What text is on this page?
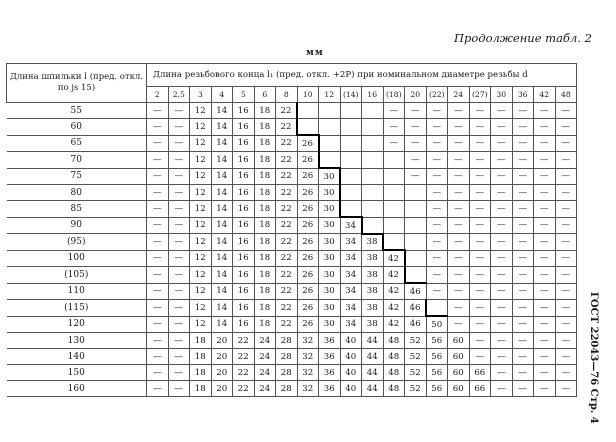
Продолжение табл. 2
мм
Длина шпильки l (пред. откл. по js 15)	Длина резьбового конца l₁ (пред. откл. +2P) при номинальном диаметре резьбы d																			
	2	2,5	3	4	5	6	8	10	12	(14)	16	(18)	20	(22)	24	(27)	30	36	42	48
55	—	—	12	14	16	18	22					—	—	—	—	—	—	—	—	—
60	—	—	12	14	16	18	22					—	—	—	—	—	—	—	—	—
65	—	—	12	14	16	18	22	26				—	—	—	—	—	—	—	—	—
70	—	—	12	14	16	18	22	26					—	—	—	—	—	—	—	—
75	—	—	12	14	16	18	22	26	30				—	—	—	—	—	—	—	—
80	—	—	12	14	16	18	22	26	30					—	—	—	—	—	—	—
85	—	—	12	14	16	18	22	26	30					—	—	—	—	—	—	—
90	—	—	12	14	16	18	22	26	30	34				—	—	—	—	—	—	—
(95)	—	—	12	14	16	18	22	26	30	34	38			—	—	—	—	—	—	—
100	—	—	12	14	16	18	22	26	30	34	38	42		—	—	—	—	—	—	—
(105)	—	—	12	14	16	18	22	26	30	34	38	42		—	—	—	—	—	—	—
110	—	—	12	14	16	18	22	26	30	34	38	42	46	—	—	—	—	—	—	—
(115)	—	—	12	14	16	18	22	26	30	34	38	42	46		—	—	—	—	—	—
120	—	—	12	14	16	18	22	26	30	34	38	42	46	50	—	—	—	—	—	—
130	—	—	18	20	22	24	28	32	36	40	44	48	52	56	60	—	—	—	—	—
140	—	—	18	20	22	24	28	32	36	40	44	48	52	56	60	—	—	—	—	—
150	—	—	18	20	22	24	28	32	36	40	44	48	52	56	60	66	—	—	—	—
160	—	—	18	20	22	24	28	32	36	40	44	48	52	56	60	66	—	—	—	— ГОСТ 22043—76 Стр. 4
